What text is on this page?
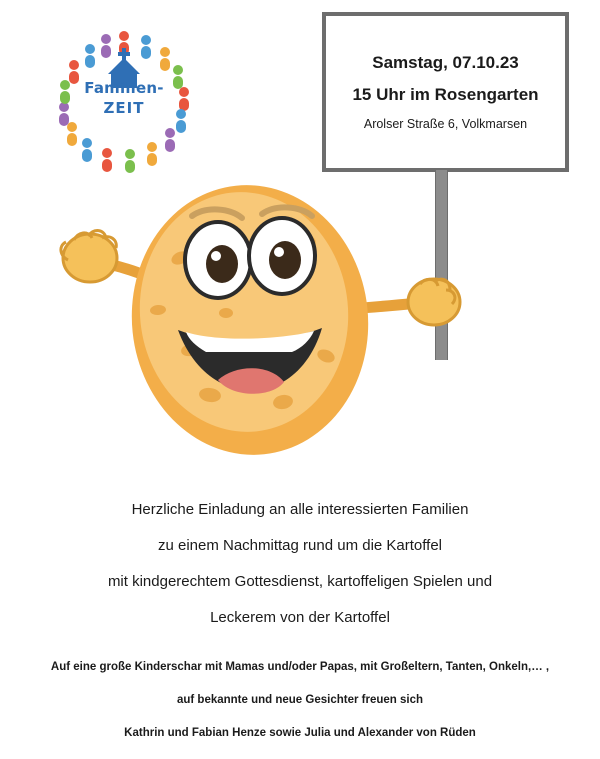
Familien-
ZEIT
Samstag, 07.10.23
15 Uhr im Rosengarten
Arolser Straße 6, Volkmarsen

Herzliche Einladung an alle interessierten Familien

zu einem Nachmittag rund um die Kartoffel

mit kindgerechtem Gottesdienst, kartoffeligen Spielen und

Leckerem von der Kartoffel

Auf eine große Kinderschar mit Mamas und/oder Papas, mit Großeltern, Tanten, Onkeln,… ,

auf bekannte und neue Gesichter freuen sich

Kathrin und Fabian Henze sowie Julia und Alexander von Rüden
